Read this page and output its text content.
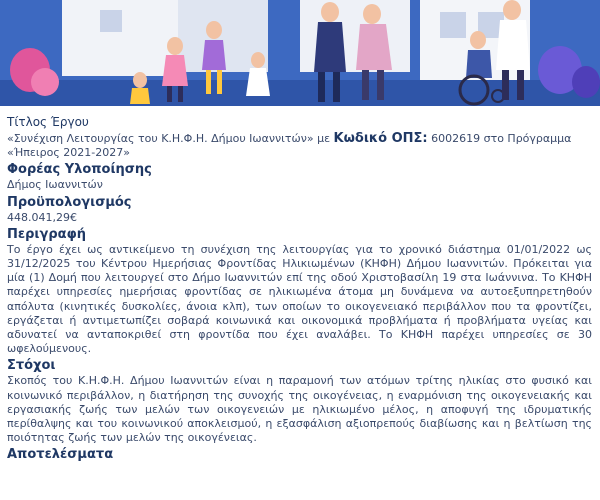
Τίτλος Έργου
«Συνέχιση Λειτουργίας του Κ.Η.Φ.Η. Δήμου Ιωαννιτών» με Κωδικό ΟΠΣ: 6002619 στο Πρόγραμμα «Ήπειρος 2021-2027»
Φορέας Υλοποίησης
Δήμος Ιωαννιτών
Προϋπολογισμός
448.041,29€
Περιγραφή
Το έργο έχει ως αντικείμενο τη συνέχιση της λειτουργίας για το χρονικό διάστημα 01/01/2022 ως 31/12/2025 του Κέντρου Ημερήσιας Φροντίδας Ηλικιωμένων (ΚΗΦΗ) Δήμου Ιωαννιτών. Πρόκειται για μία (1) Δομή που λειτουργεί στο Δήμο Ιωαννιτών επί της οδού Χριστοβασίλη 19 στα Ιωάννινα. Το ΚΗΦΗ παρέχει υπηρεσίες ημερήσιας φροντίδας σε ηλικιωμένα άτομα μη δυνάμενα να αυτοεξυπηρετηθούν απόλυτα (κινητικές δυσκολίες, άνοια κλπ), των οποίων το οικογενειακό περιβάλλον που τα φροντίζει, εργάζεται ή αντιμετωπίζει σοβαρά κοινωνικά και οικονομικά προβλήματα ή προβλήματα υγείας και αδυνατεί να ανταποκριθεί στη φροντίδα που έχει αναλάβει. Το ΚΗΦΗ παρέχει υπηρεσίες σε 30 ωφελούμενους.
Στόχοι
Σκοπός του Κ.Η.Φ.Η. Δήμου Ιωαννιτών είναι η παραμονή των ατόμων τρίτης ηλικίας στο φυσικό και κοινωνικό περιβάλλον, η διατήρηση της συνοχής της οικογένειας, η εναρμόνιση της οικογενειακής και εργασιακής ζωής των μελών των οικογενειών με ηλικιωμένο μέλος, η αποφυγή της ιδρυματικής περίθαλψης και του κοινωνικού αποκλεισμού, η εξασφάλιση αξιοπρεπούς διαβίωσης και η βελτίωση της ποιότητας ζωής των μελών της οικογένειας.
Αποτελέσματα
